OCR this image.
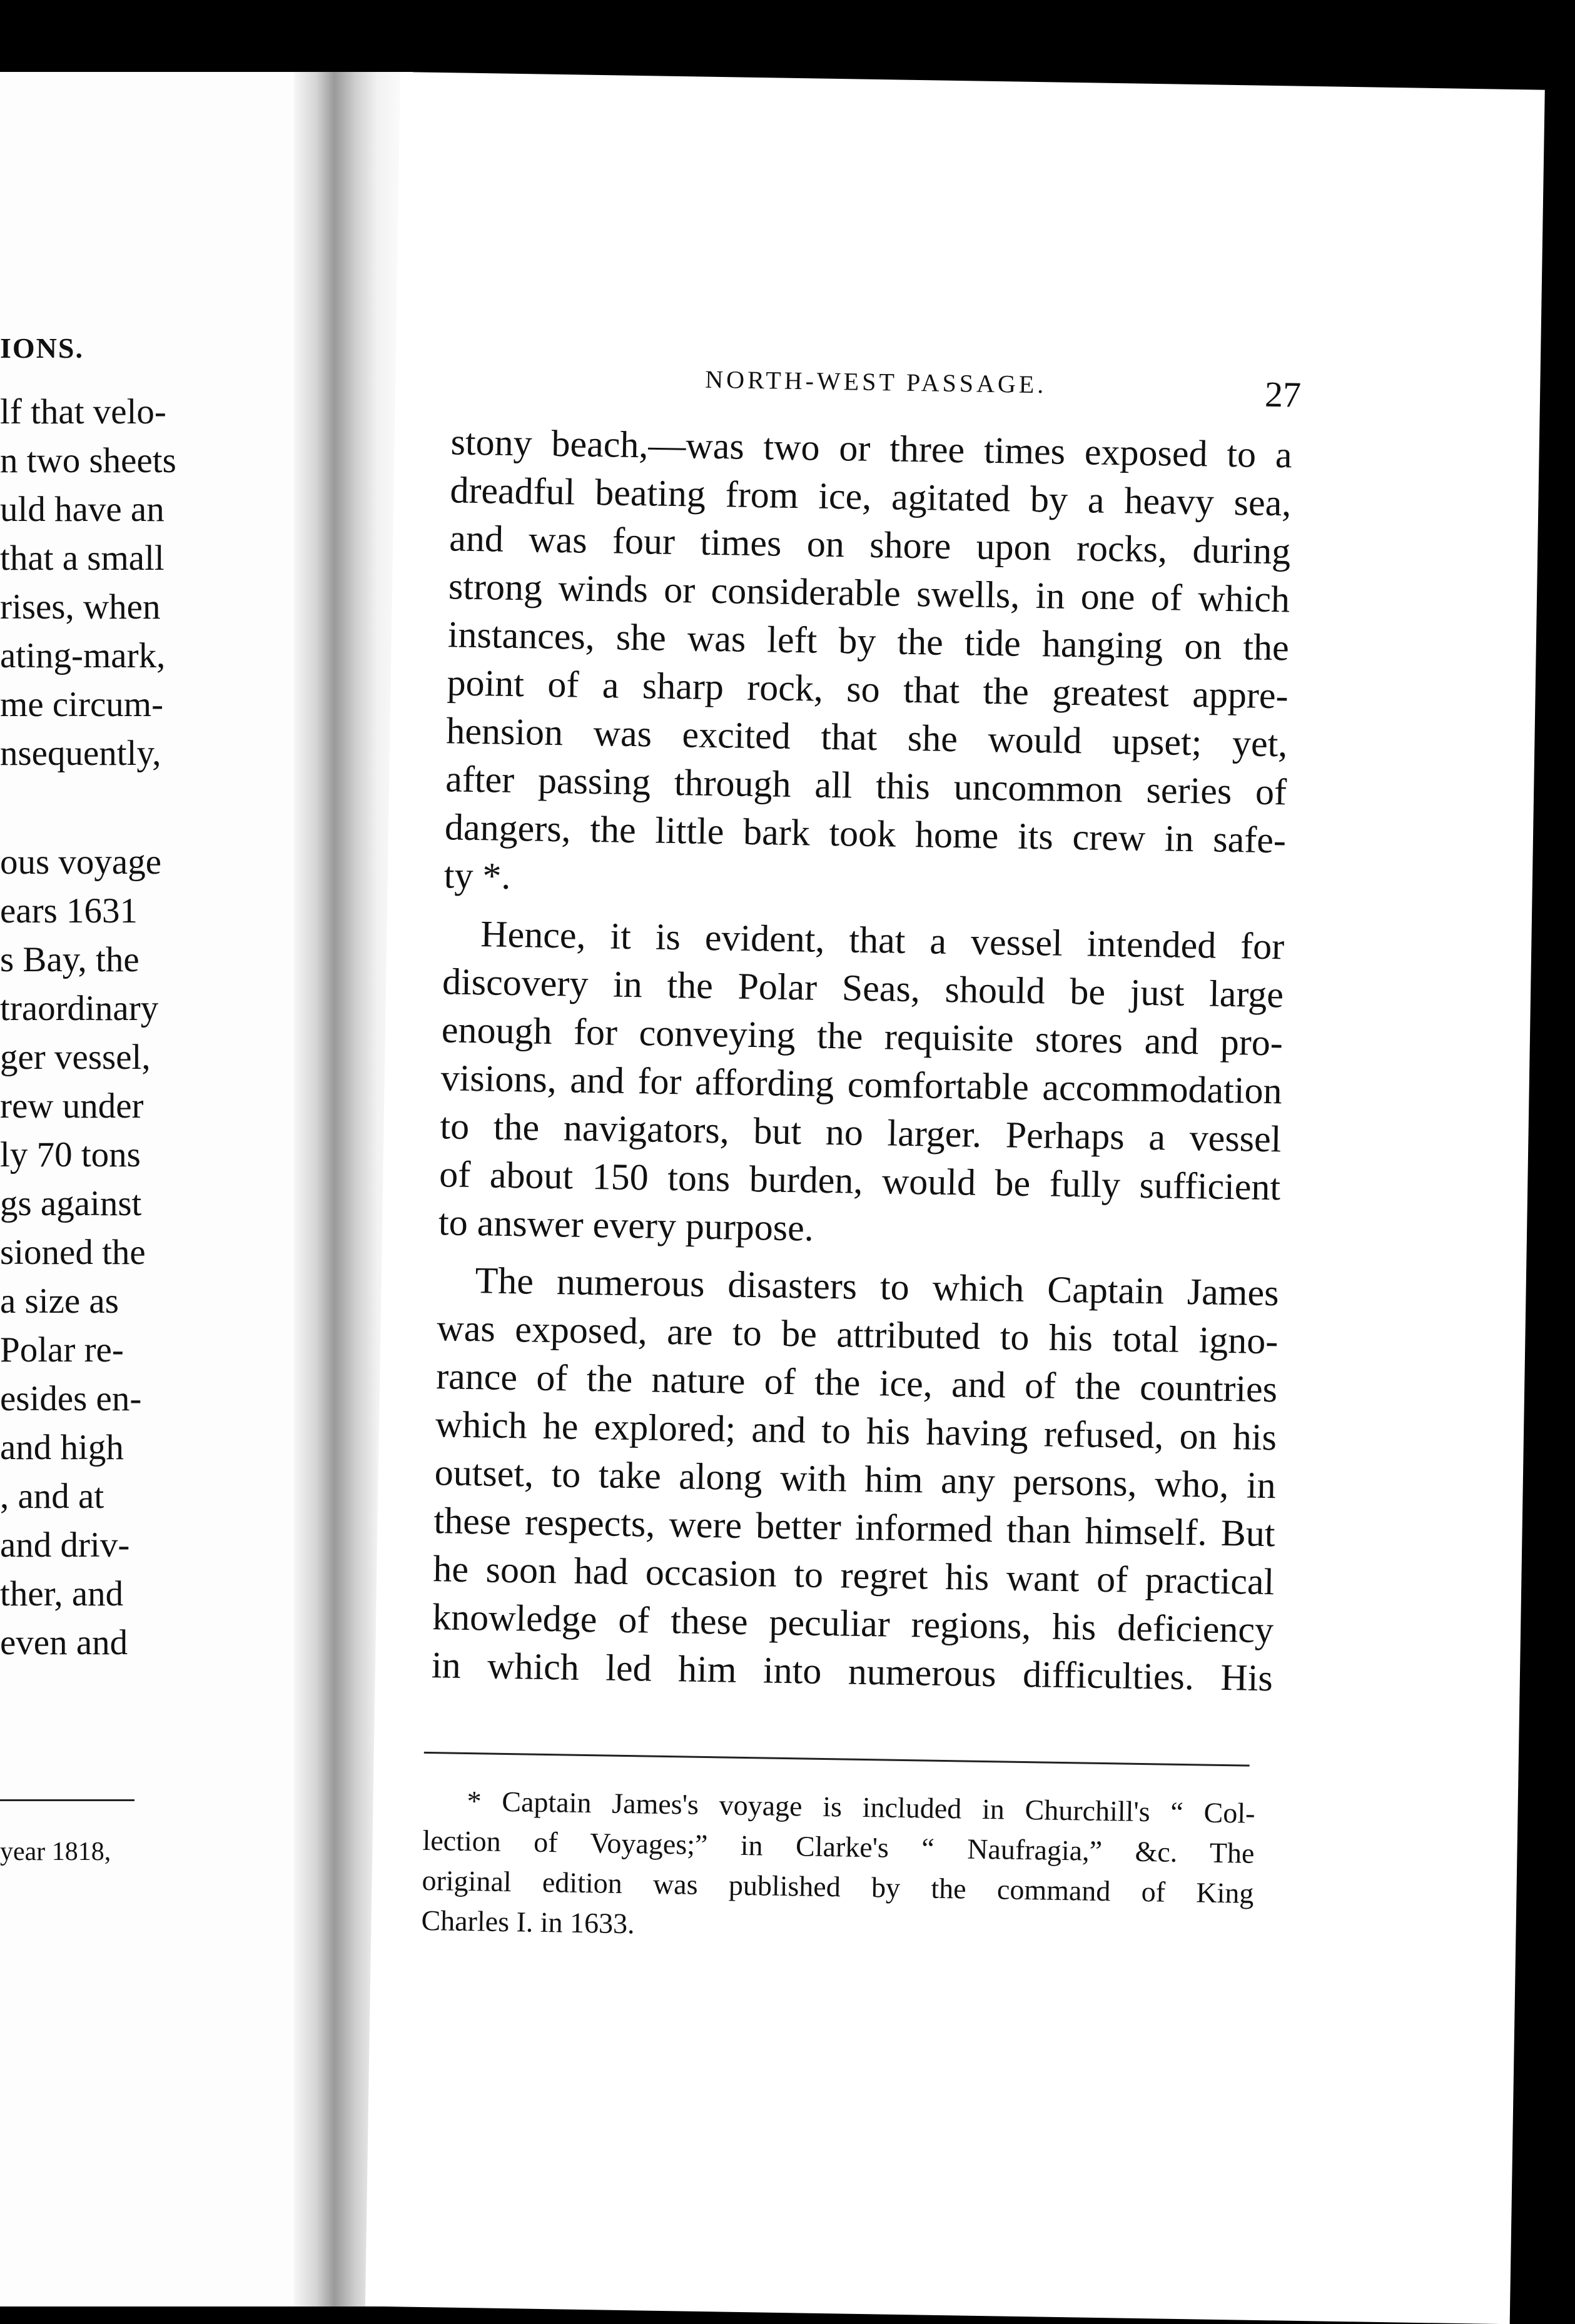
IONS.
lf that velo-
n two sheets
uld have an
that a small
rises, when
ating-mark,
me circum-
nsequently,
ous voyage
ears 1631
s Bay, the
traordinary
ger vessel,
rew under
ly 70 tons
gs against
sioned the
a size as
Polar re-
esides en-
and high
, and at
and driv-
ther, and
even and
year 1818,
NORTH-WEST PASSAGE.	27
stony beach,—was two or three times exposed to a
dreadful beating from ice, agitated by a heavy sea,
and was four times on shore upon rocks, during
strong winds or considerable swells, in one of which
instances, she was left by the tide hanging on the
point of a sharp rock, so that the greatest appre-
hension was excited that she would upset; yet,
after passing through all this uncommon series of
dangers, the little bark took home its crew in safe-
ty *.
Hence, it is evident, that a vessel intended for
discovery in the Polar Seas, should be just large
enough for conveying the requisite stores and pro-
visions, and for affording comfortable accommodation
to the navigators, but no larger. Perhaps a vessel
of about 150 tons burden, would be fully sufficient
to answer every purpose.
The numerous disasters to which Captain James
was exposed, are to be attributed to his total igno-
rance of the nature of the ice, and of the countries
which he explored; and to his having refused, on his
outset, to take along with him any persons, who, in
these respects, were better informed than himself. But
he soon had occasion to regret his want of practical
knowledge of these peculiar regions, his deficiency
in which led him into numerous difficulties. His
* Captain James's voyage is included in Churchill's “ Col-
lection of Voyages;” in Clarke's “ Naufragia,” &c. The
original edition was published by the command of King
Charles I. in 1633.
